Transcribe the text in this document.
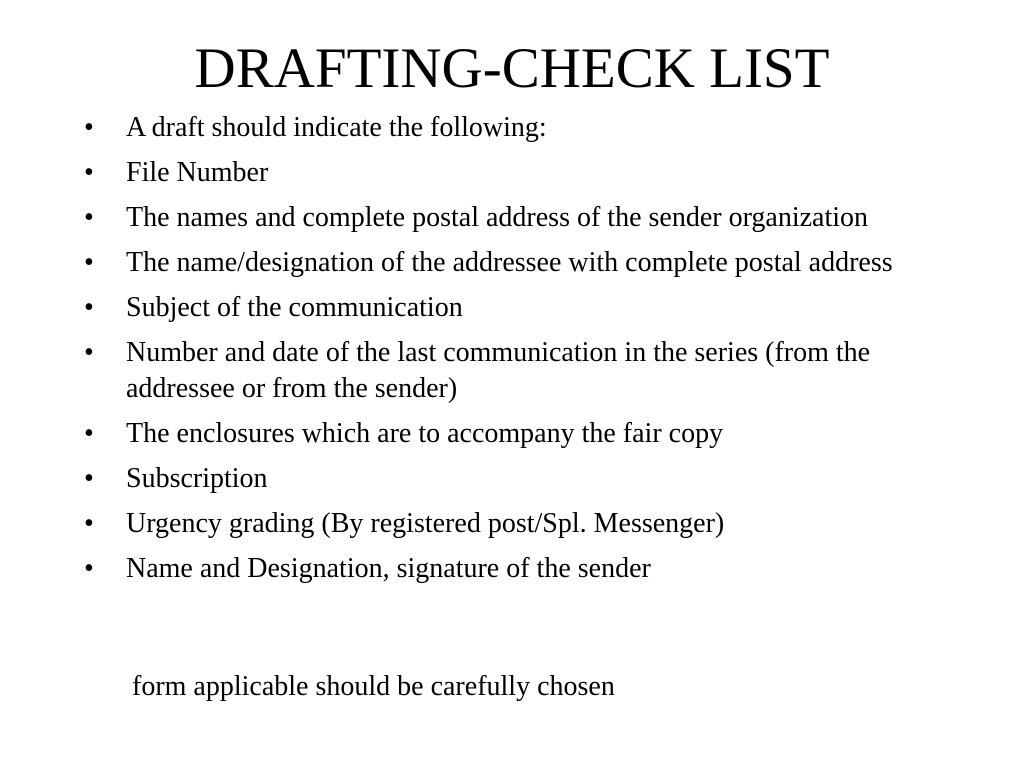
DRAFTING-CHECK LIST
•	A draft should indicate the following:
•	File Number
•	The names and complete postal address of the sender organization
•	The name/designation of the addressee with complete postal address
•	Subject of the communication
•	Number and date of the last communication in the series (from the addressee or from the sender)
•	The enclosures which are to accompany the fair copy
•	Subscription
•	Urgency grading (By registered post/Spl. Messenger)
•	Name and Designation, signature of the sender

form applicable should be carefully chosen
